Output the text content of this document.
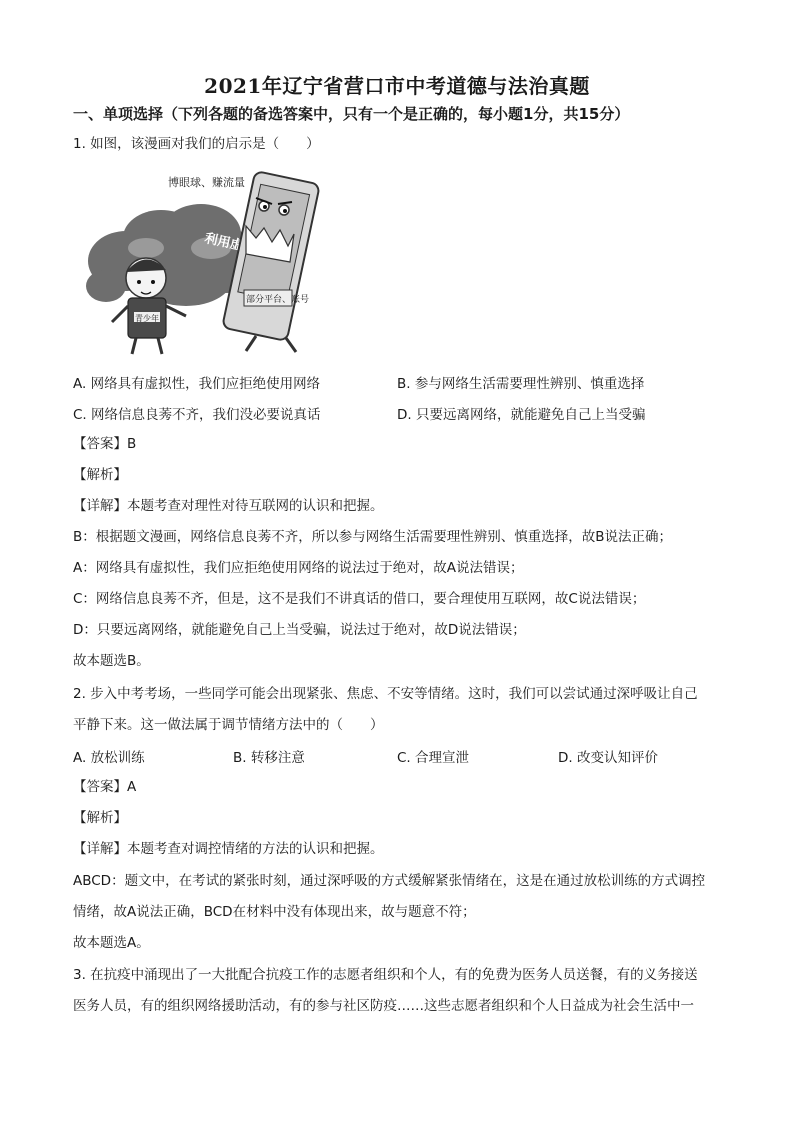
2021年辽宁省营口市中考道德与法治真题
一、单项选择（下列各题的备选答案中，只有一个是正确的，每小题1分，共15分）
1. 如图，该漫画对我们的启示是（　　）
博眼球、赚流量
部分平台、账号
青少年
A. 网络具有虚拟性，我们应拒绝使用网络	B. 参与网络生活需要理性辨别、慎重选择
C. 网络信息良莠不齐，我们没必要说真话	D. 只要远离网络，就能避免自己上当受骗
【答案】B
【解析】
【详解】本题考查对理性对待互联网的认识和把握。
B：根据题文漫画，网络信息良莠不齐，所以参与网络生活需要理性辨别、慎重选择，故B说法正确；
A：网络具有虚拟性，我们应拒绝使用网络的说法过于绝对，故A说法错误；
C：网络信息良莠不齐，但是，这不是我们不讲真话的借口，要合理使用互联网，故C说法错误；
D：只要远离网络，就能避免自己上当受骗，说法过于绝对，故D说法错误；
故本题选B。
2. 步入中考考场，一些同学可能会出现紧张、焦虑、不安等情绪。这时，我们可以尝试通过深呼吸让自己
平静下来。这一做法属于调节情绪方法中的（　　）
A. 放松训练	B. 转移注意	C. 合理宣泄	D. 改变认知评价
【答案】A
【解析】
【详解】本题考查对调控情绪的方法的认识和把握。
ABCD：题文中，在考试的紧张时刻，通过深呼吸的方式缓解紧张情绪在，这是在通过放松训练的方式调控
情绪，故A说法正确，BCD在材料中没有体现出来，故与题意不符；
故本题选A。
3. 在抗疫中涌现出了一大批配合抗疫工作的志愿者组织和个人，有的免费为医务人员送餐，有的义务接送
医务人员，有的组织网络援助活动，有的参与社区防疫……这些志愿者组织和个人日益成为社会生活中一
